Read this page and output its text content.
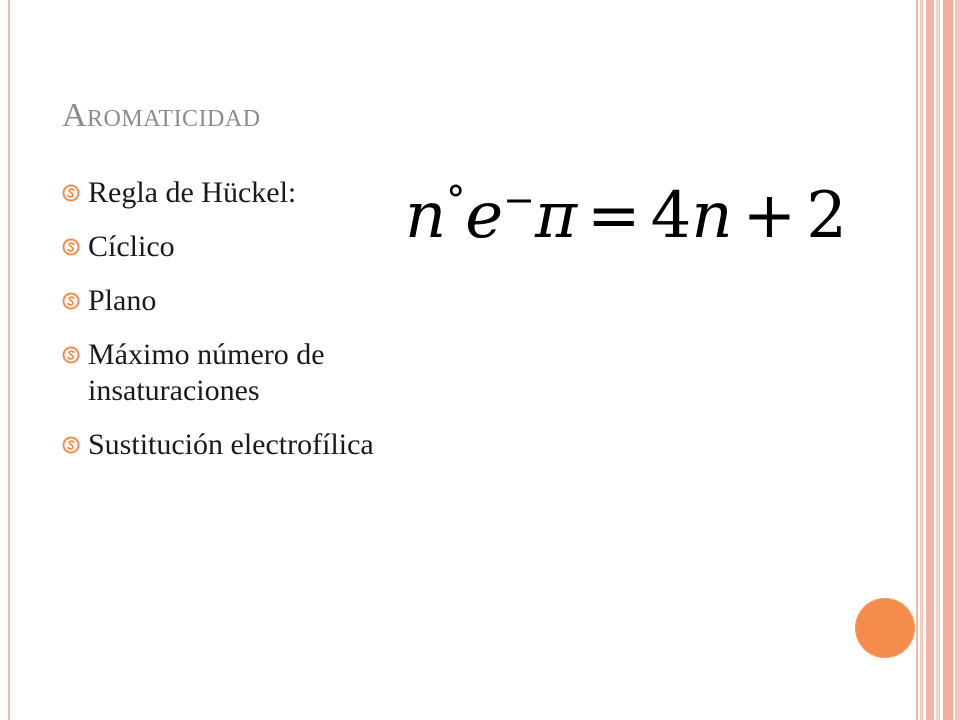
Aromaticidad
Regla de Hückel:
Cíclico
Plano
Máximo número de insaturaciones
Sustitución electrofílica
n°e−π = 4n + 2
